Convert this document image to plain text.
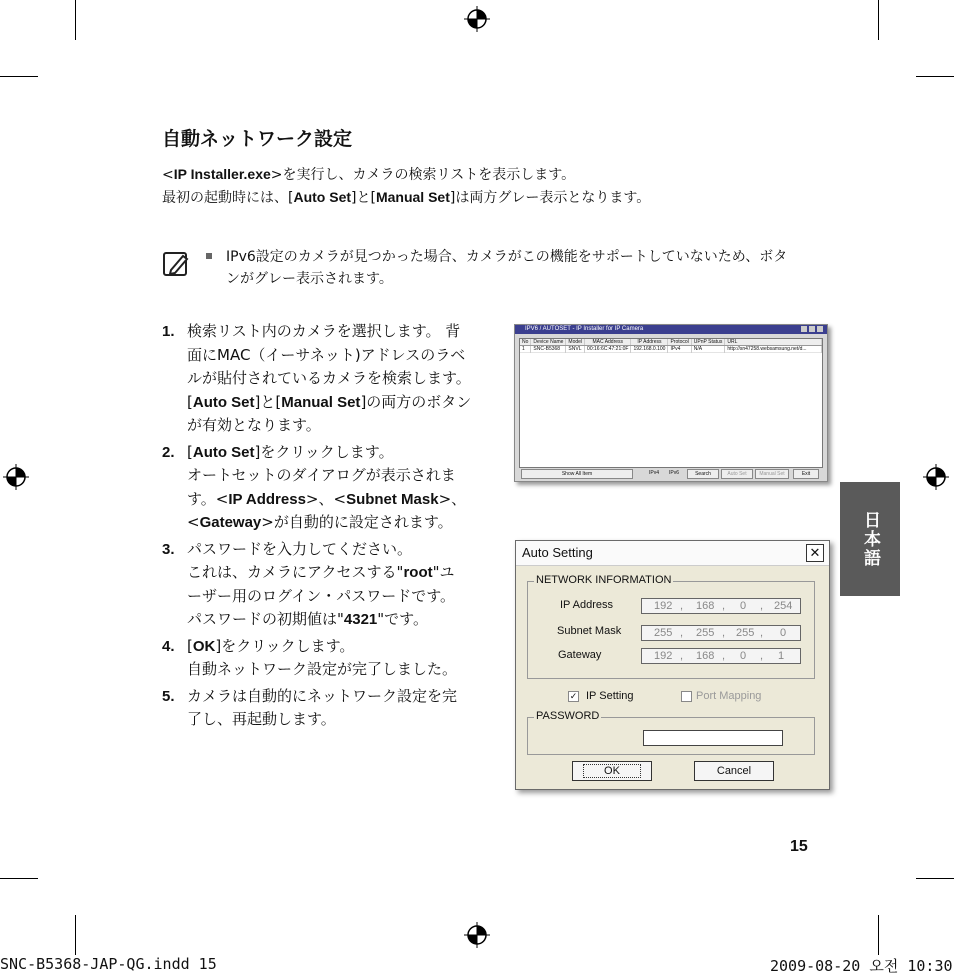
自動ネットワーク設定
<IP Installer.exe>を実行し、カメラの検索リストを表示します。
最初の起動時には、[Auto Set]と[Manual Set]は両方グレー表示となります。
IPv6設定のカメラが見つかった場合、カメラがこの機能をサポートしていないため、ボタ
ンがグレー表示されます。
1. 検索リスト内のカメラを選択します。 背
面にMAC（イーサネット)アドレスのラベ
ルが貼付されているカメラを検索します。
[Auto Set]と[Manual Set]の両方のボタン
が有効となります。
2. [Auto Set]をクリックします。
オートセットのダイアログが表示されま
す。<IP Address>、<Subnet Mask>、
<Gateway>が自動的に設定されます。
3. パスワードを入力してください。
これは、カメラにアクセスする"root"ユ
ーザー用のログイン・パスワードです。
パスワードの初期値は"4321"です。
4. [OK]をクリックします。
自動ネットワーク設定が完了しました。
5. カメラは自動的にネットワーク設定を完
了し、再起動します。
IPV6 / AUTOSET - IP Installer for IP Camera
No	Device Name	Model	MAC Address	IP Address	Protocol	UPnP Status	URL
1	SNC-B5368	SNVL	00:16:6C:47:21:0F	192.168.0.100	IPv4	N/A	http://sn47258.websamsung.net/d...
Show All Item	IPv4	IPv6	Search	Auto Set	Manual Set	Exit
Auto Setting	✕
NETWORK INFORMATION
IP Address	192 , 168 , 0 , 254
Subnet Mask	255 , 255 , 255 , 0
Gateway	192 , 168 , 0 , 1
✓ IP Setting	Port Mapping
PASSWORD
OK	Cancel
日本語
15
SNC-B5368-JAP-QG.indd 15	2009-08-20 오전 10:30
